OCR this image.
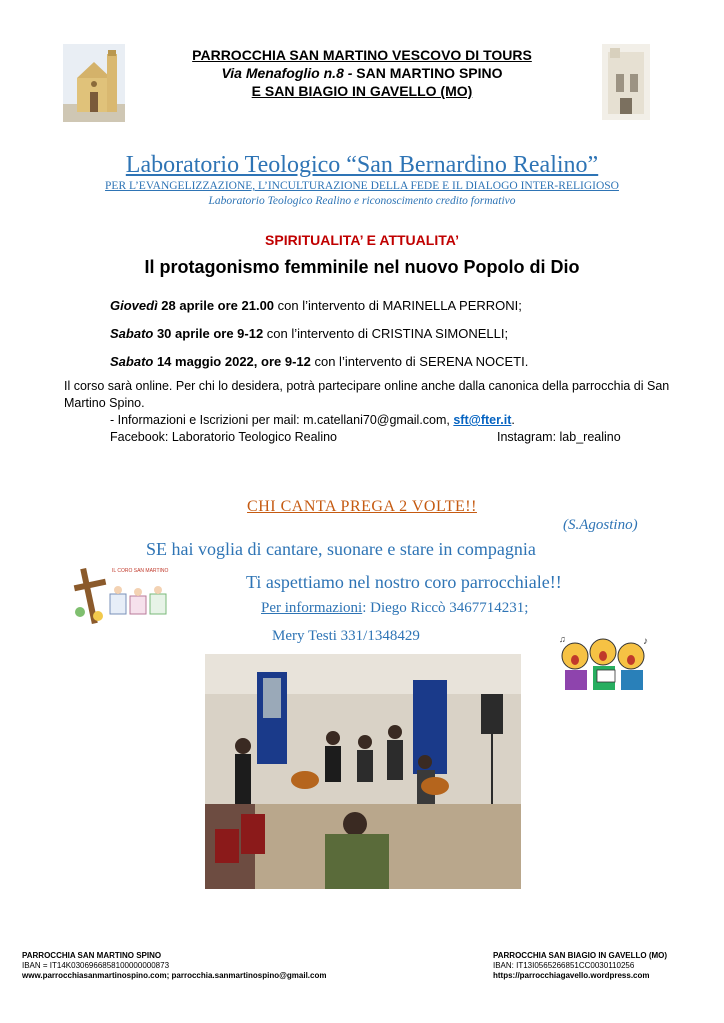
PARROCCHIA SAN MARTINO VESCOVO DI TOURS
Via Menafoglio n.8 - SAN MARTINO SPINO
E SAN BIAGIO IN GAVELLO (MO)
Laboratorio Teologico “San Bernardino Realino”
PER L’EVANGELIZZAZIONE, L’INCULTURAZIONE DELLA FEDE E IL DIALOGO INTER-RELIGIOSO
Laboratorio Teologico Realino e riconoscimento credito formativo
SPIRITUALITA’ E ATTUALITA’
Il protagonismo femminile nel nuovo Popolo di Dio
Giovedì 28 aprile ore 21.00 con l’intervento di MARINELLA PERRONI;
Sabato 30 aprile ore 9-12 con l’intervento di CRISTINA SIMONELLI;
Sabato 14 maggio 2022, ore 9-12 con l’intervento di SERENA NOCETI.
Il corso sarà online. Per chi lo desidera, potrà partecipare online anche dalla canonica della parrocchia di San
Martino Spino.
- Informazioni e Iscrizioni per mail: m.catellani70@gmail.com, sft@fter.it.
Facebook: Laboratorio Teologico Realino	Instagram: lab_realino
CHI CANTA PREGA 2 VOLTE!!
(S.Agostino)
SE hai voglia di cantare, suonare e stare in compagnia
Ti aspettiamo nel nostro coro parrocchiale!!
Per informazioni: Diego Riccò 3467714231;
Mery Testi 331/1348429
IL CORO SAN MARTINO
♪
♫
PARROCCHIA SAN MARTINO SPINO
IBAN = IT14K0306966858100000000873
www.parrocchiasanmartinospino.com; parrocchia.sanmartinospino@gmail.com
PARROCCHIA SAN BIAGIO IN GAVELLO (MO)
IBAN: IT13I0565266851CC0030110256
https://parrocchiagavello.wordpress.com
